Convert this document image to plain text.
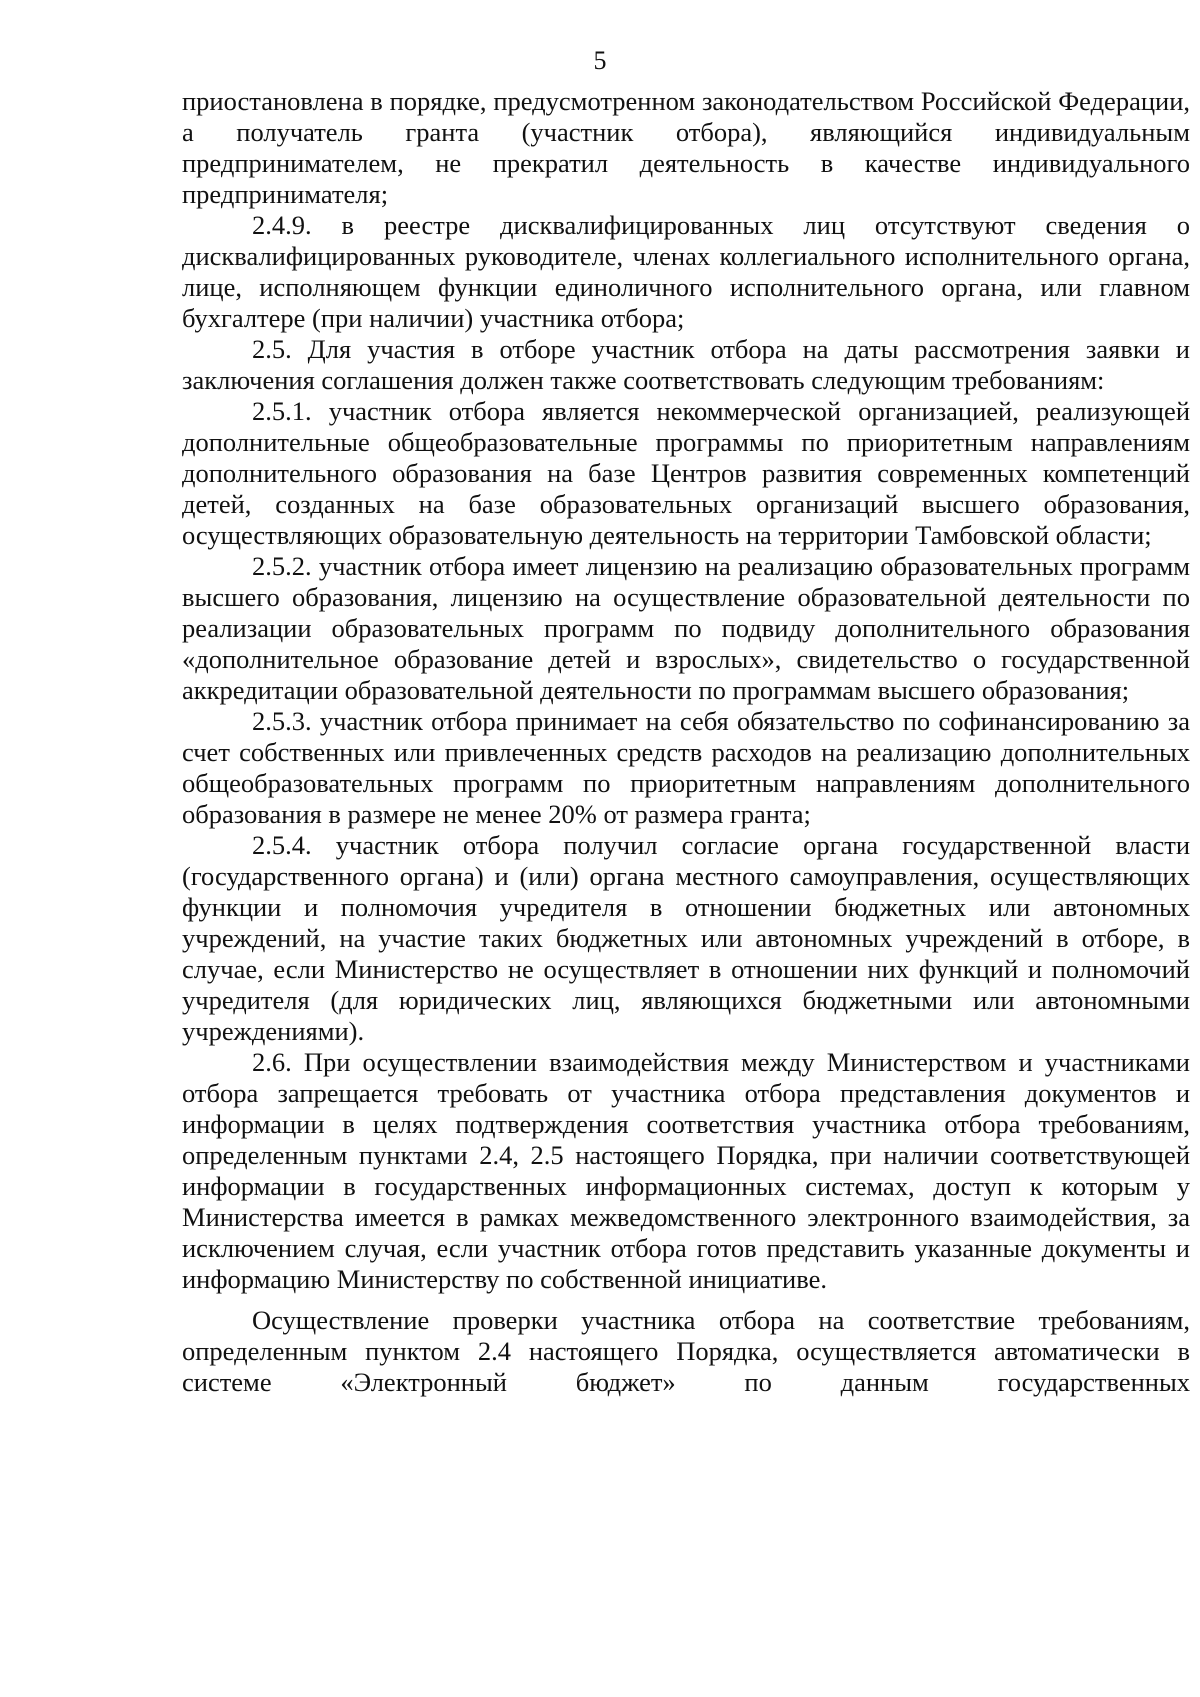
5

приостановлена в порядке, предусмотренном законодательством Российской Федерации, а получатель гранта (участник отбора), являющийся индивидуальным предпринимателем, не прекратил деятельность в качестве индивидуального предпринимателя;

2.4.9. в реестре дисквалифицированных лиц отсутствуют сведения о дисквалифицированных руководителе, членах коллегиального исполнительного органа, лице, исполняющем функции единоличного исполнительного органа, или главном бухгалтере (при наличии) участника отбора;

2.5. Для участия в отборе участник отбора на даты рассмотрения заявки и заключения соглашения должен также соответствовать следующим требованиям:

2.5.1. участник отбора является некоммерческой организацией, реализующей дополнительные общеобразовательные программы по приоритетным направлениям дополнительного образования на базе Центров развития современных компетенций детей, созданных на базе образовательных организаций высшего образования, осуществляющих образовательную деятельность на территории Тамбовской области;

2.5.2. участник отбора имеет лицензию на реализацию образовательных программ высшего образования, лицензию на осуществление образовательной деятельности по реализации образовательных программ по подвиду дополнительного образования «дополнительное образование детей и взрослых», свидетельство о государственной аккредитации образовательной деятельности по программам высшего образования;

2.5.3. участник отбора принимает на себя обязательство по софинансированию за счет собственных или привлеченных средств расходов на реализацию дополнительных общеобразовательных программ по приоритетным направлениям дополнительного образования в размере не менее 20% от размера гранта;

2.5.4. участник отбора получил согласие органа государственной власти (государственного органа) и (или) органа местного самоуправления, осуществляющих функции и полномочия учредителя в отношении бюджетных или автономных учреждений, на участие таких бюджетных или автономных учреждений в отборе, в случае, если Министерство не осуществляет в отношении них функций и полномочий учредителя (для юридических лиц, являющихся бюджетными или автономными учреждениями).

2.6. При осуществлении взаимодействия между Министерством и участниками отбора запрещается требовать от участника отбора представления документов и информации в целях подтверждения соответствия участника отбора требованиям, определенным пунктами 2.4, 2.5 настоящего Порядка, при наличии соответствующей информации в государственных информационных системах, доступ к которым у Министерства имеется в рамках межведомственного электронного взаимодействия, за исключением случая, если участник отбора готов представить указанные документы и информацию Министерству по собственной инициативе.

Осуществление проверки участника отбора на соответствие требованиям, определенным пунктом 2.4 настоящего Порядка, осуществляется автоматически в системе «Электронный бюджет» по данным государственных
